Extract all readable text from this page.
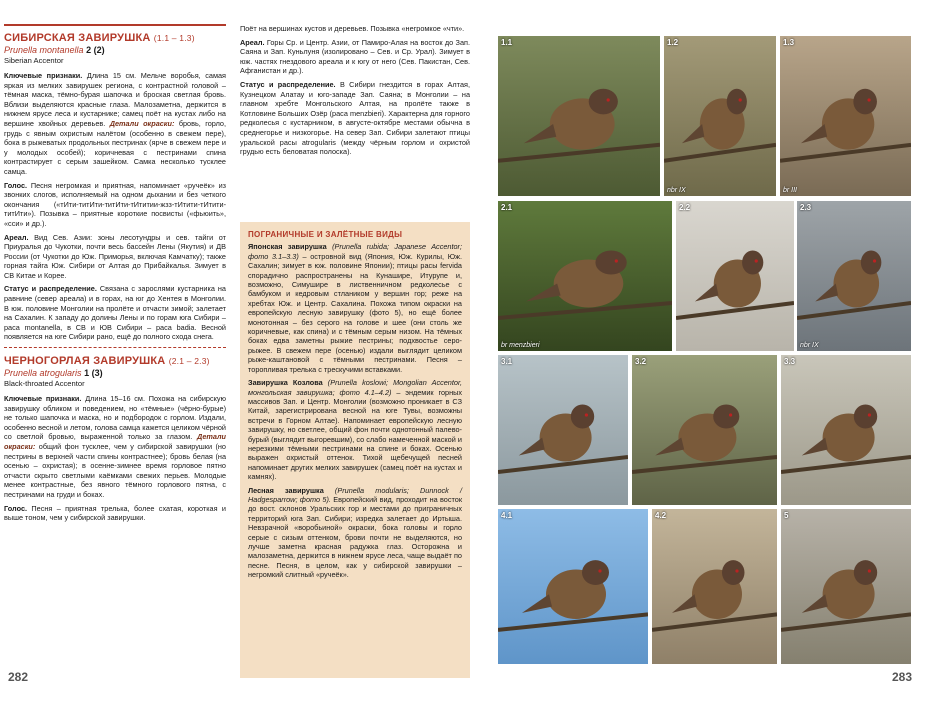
СИБИРСКАЯ ЗАВИРУШКА (1.1 – 1.3)
Prunella montanella 2 (2)
Siberian Accentor

Ключевые признаки. Длина 15 см. Мельче воробья, самая яркая из мелких завирушек региона, с контрастной головой – тёмная маска, тёмно-бурая шапочка и броская светлая бровь. Вблизи выделяются красные глаза. Малозаметна, держится в нижнем ярусе леса и кустарнике; самец поёт на кустах либо на вершине хвойных деревьев. Детали окраски: бровь, горло, грудь с явным охристым налётом (особенно в свежем пере), бока в рыжеватых продольных пестринах (ярче в свежем пере и у молодых особей); коричневая с пестринами спина контрастирует с серым зашейком. Самка несколько тусклее самца.

Голос. Песня негромкая и приятная, напоминает «ручеёк» из звонких слогов, исполняемый на одном дыхании и без четкого окончания («тИти-титИти-титИти-тИтитии-жзз-тИтити-тИтити-титИти»). Позывка – приятные короткие посвисты («фьюить», «сси» и др.).

Ареал. Вид Сев. Азии: зоны лесотундры и сев. тайги от Приуралья до Чукотки, почти весь бассейн Лены (Якутия) и ДВ России (от Чукотки до Юж. Приморья, включая Камчатку); также горная тайга Юж. Сибири от Алтая до Прибайкалья. Зимует в СВ Китае и Корее.

Статус и распределение. Связана с зарослями кустарника на равнине (север ареала) и в горах, на юг до Хентея в Монголии. В юж. половине Монголии на пролёте и отчасти зимой; залетает на Сахалин. К западу до долины Лены и по горам юга Сибири – раса montanella, в СВ и ЮВ Сибири – раса badia. Весной появляется на юге Сибири рано, ещё до полного схода снега.

ЧЕРНОГОРЛАЯ ЗАВИРУШКА (2.1 – 2.3)
Prunella atrogularis 1 (3)
Black-throated Accentor

Ключевые признаки. Длина 15–16 см. Похожа на сибирскую завирушку обликом и поведением, но «тёмные» (чёрно-бурые) не только шапочка и маска, но и подбородок с горлом. Издали, особенно весной и летом, голова самца кажется целиком чёрной со светлой бровью, выраженной только за глазом. Детали окраски: общий фон тусклее, чем у сибирской завирушки (но пестрины в верхней части спины контрастнее); бровь белая (на осенью – охристая); в осенне-зимнее время горловое пятно отчасти скрыто светлыми каёмками свежих перьев. Молодые менее контрастные, без явного тёмного горлового пятна, с пестринами на груди и боках.

Голос. Песня – приятная трелька, более схатая, короткая и выше тоном, чем у сибирской завирушки.

Поёт на вершинах кустов и деревьев. Позывка «негромкое «чти».

Ареал. Горы Ср. и Центр. Азии, от Памиро-Алая на восток до Зап. Саяна и Зап. Куньлуня (изолировано – Сев. и Ср. Урал). Зимует в юж. частях гнездового ареала и к югу от него (Сев. Пакистан, Сев. Афганистан и др.).

Статус и распределение. В Сибири гнездится в горах Алтая, Кузнецком Алатау и юго-западе Зап. Саяна; в Монголии – на главном хребте Монгольского Алтая, на пролёте также в Котловине Больших Озёр (раса menzbieri). Характерна для горного редколесья с кустарником, в августе-октябре местами обычна в среднегорье и низкогорье. На север Зап. Сибири залетают птицы уральской расы atrogularis (между чёрным горлом и охристой грудью есть беловатая полоска).

ПОГРАНИЧНЫЕ И ЗАЛЁТНЫЕ ВИДЫ

Японская завирушка (Prunella rubida; Japanese Accentor; фото 3.1–3.3) – островной вид (Япония, Юж. Курилы, Юж. Сахалин; зимует в юж. половине Японии); птицы расы fervida спорадично распространены на Кунашире, Итурупе и, возможно, Симушире в лиственничном редколесье с бамбуком и кедровым стлаником у вершин гор; реже на хребтах Юж. и Центр. Сахалина. Похожа типом окраски на европейскую лесную завирушку (фото 5), но ещё более монотонная – без серого на голове и шее (они столь же коричневые, как спина) и с тёмным серым низом. На тёмных боках едва заметны рыжие пестрины; подхвостье серо-рыжее. В свежем пере (осенью) издали выглядит целиком рыже-каштановой с тёмными пестринами. Песня – торопливая трелька с трескучими вставками.

Завирушка Козлова (Prunella koslowi; Mongolian Accentor, монгольская завирушка; фото 4.1–4.2) – эндемик горных массивов Зап. и Центр. Монголии (возможно проникает в СЗ Китай, зарегистрирована весной на юге Тувы, возможны встречи в Горном Алтае). Напоминает европейскую лесную завирушку, но светлее, общий фон почти однотонный палево-бурый (выглядит выгоревшим), со слабо намеченной маской и нерезкими тёмными пестринами на спине и боках. Осенью выражен охристый оттенок. Тихой щебечущей песней напоминает других мелких завирушек (самец поёт на кустах и камнях).

Лесная завирушка (Prunella modularis; Dunnock / Hadgesparrow; фото 5). Европейский вид, проходит на восток до вост. склонов Уральских гор и местами до приграничных территорий юга Зап. Сибири; изредка залетает до Иртыша. Невзрачной «воробьиной» окраски, бока головы и горло серые с сизым оттенком, брови почти не выделяются, но лучше заметна красная радужка глаз. Осторожна и малозаметна, держится в нижнем ярусе леса, чаще выдаёт по песне. Песня, в целом, как у сибирской завирушки – негромкий слитный «ручеёк».

282	283
1.1	1.2
nbr IX
1.3
br III
2.1
br menzbieri
2.2	2.3
nbr IX
3.1	3.2	3.3
4.1	4.2	5
